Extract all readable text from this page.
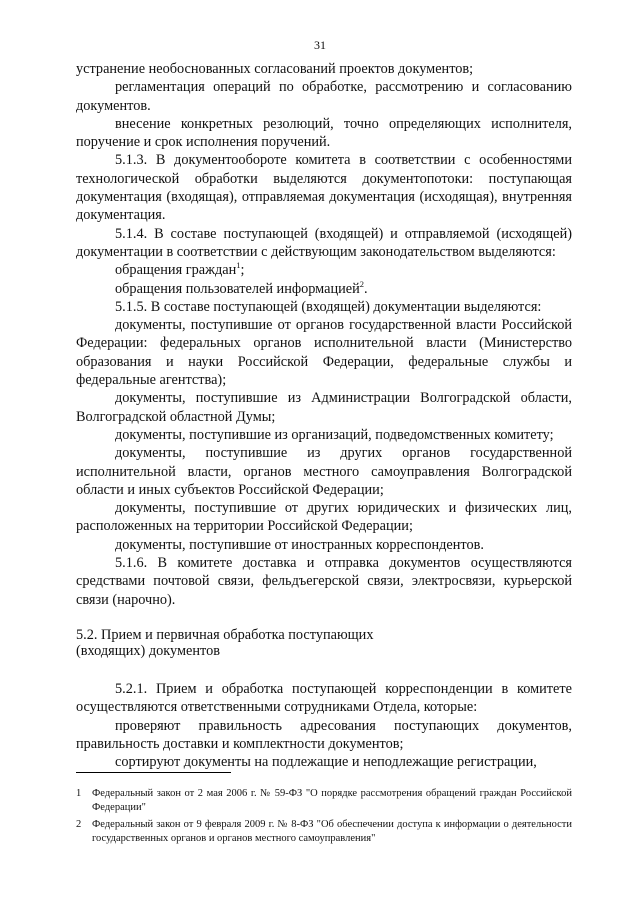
31

устранение необоснованных согласований проектов документов;

регламентация операций по обработке, рассмотрению и согласованию документов.

внесение конкретных резолюций, точно определяющих исполнителя, поручение и срок исполнения поручений.

5.1.3. В документообороте комитета в соответствии с особенностями технологической обработки выделяются документопотоки: поступающая документация (входящая), отправляемая документация (исходящая), внутренняя документация.

5.1.4. В составе поступающей (входящей) и отправляемой (исходящей) документации в соответствии с действующим законодательством выделяются:

обращения граждан$^1$;

обращения пользователей информацией$^2$.

5.1.5. В составе поступающей (входящей) документации выделяются:

документы, поступившие от органов государственной власти Российской Федерации: федеральных органов исполнительной власти (Министерство образования и науки Российской Федерации, федеральные службы и федеральные агентства);

документы, поступившие из Администрации Волгоградской области, Волгоградской областной Думы;

документы, поступившие из организаций, подведомственных комитету;

документы, поступившие из других органов государственной исполнительной власти, органов местного самоуправления Волгоградской области и иных субъектов Российской Федерации;

документы, поступившие от других юридических и физических лиц, расположенных на территории Российской Федерации;

документы, поступившие от иностранных корреспондентов.

5.1.6. В комитете доставка и отправка документов осуществляются средствами почтовой связи, фельдъегерской связи, электросвязи, курьерской связи (нарочно).

5.2. Прием и первичная обработка поступающих
(входящих) документов

5.2.1. Прием и обработка поступающей корреспонденции в комитете осуществляются ответственными сотрудниками Отдела, которые:

проверяют правильность адресования поступающих документов, правильность доставки и комплектности документов;

сортируют документы на подлежащие и неподлежащие регистрации,

1	Федеральный закон от 2 мая 2006 г. № 59-ФЗ "О порядке рассмотрения обращений граждан Российской Федерации"
2	Федеральный закон от 9 февраля 2009 г. № 8-ФЗ "Об обеспечении доступа к информации о деятельности государственных органов и органов местного самоуправления"
